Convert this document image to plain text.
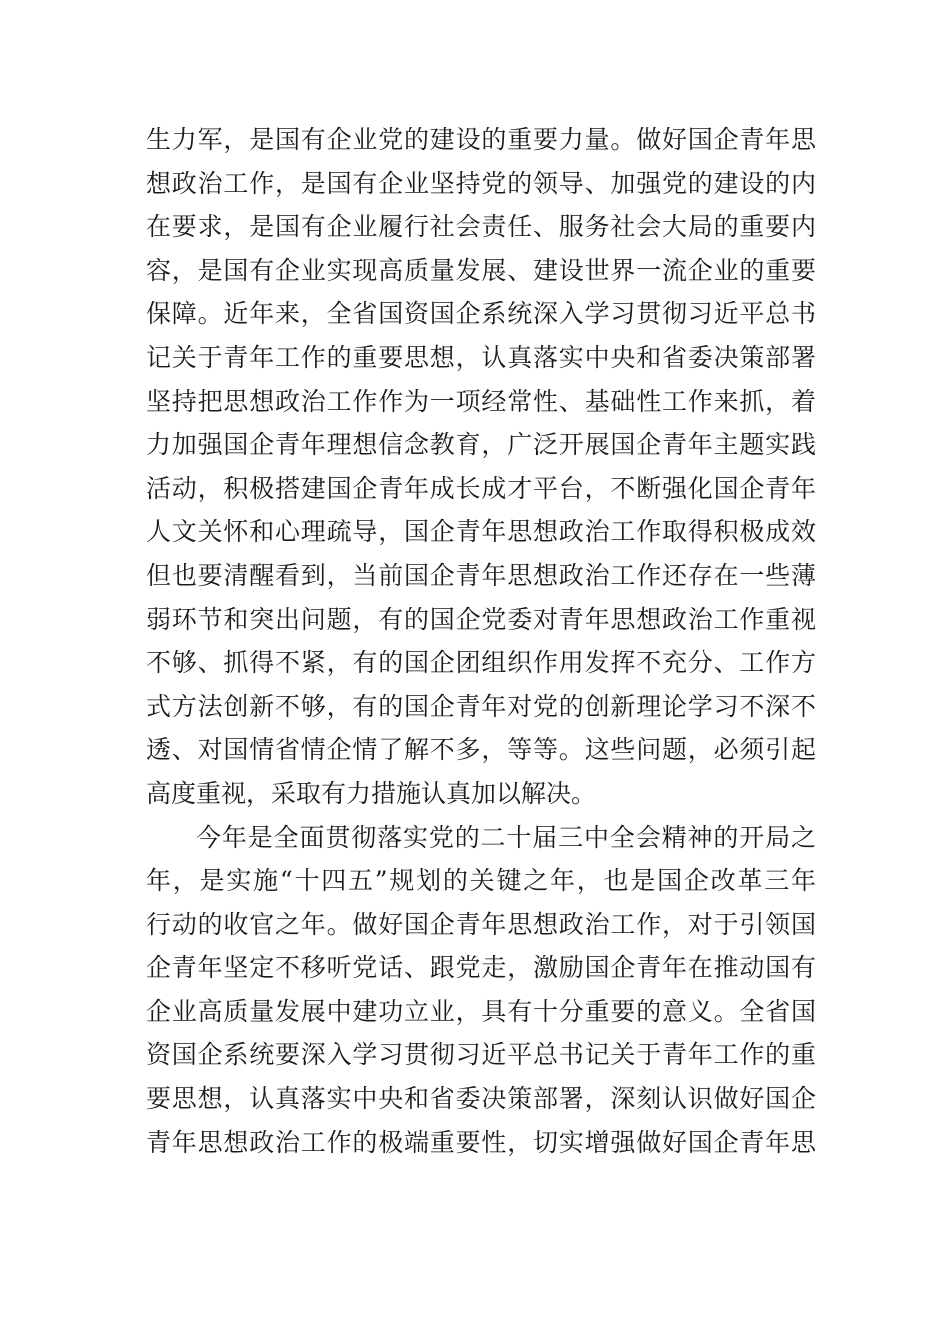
生力军，是国有企业党的建设的重要力量。做好国企青年思
想政治工作，是国有企业坚持党的领导、加强党的建设的内
在要求，是国有企业履行社会责任、服务社会大局的重要内
容，是国有企业实现高质量发展、建设世界一流企业的重要
保障。近年来，全省国资国企系统深入学习贯彻习近平总书
记关于青年工作的重要思想，认真落实中央和省委决策部署
坚持把思想政治工作作为一项经常性、基础性工作来抓，着
力加强国企青年理想信念教育，广泛开展国企青年主题实践
活动，积极搭建国企青年成长成才平台，不断强化国企青年
人文关怀和心理疏导，国企青年思想政治工作取得积极成效
但也要清醒看到，当前国企青年思想政治工作还存在一些薄
弱环节和突出问题，有的国企党委对青年思想政治工作重视
不够、抓得不紧，有的国企团组织作用发挥不充分、工作方
式方法创新不够，有的国企青年对党的创新理论学习不深不
透、对国情省情企情了解不多，等等。这些问题，必须引起
高度重视，采取有力措施认真加以解决。
今年是全面贯彻落实党的二十届三中全会精神的开局之
年，是实施“十四五”规划的关键之年，也是国企改革三年
行动的收官之年。做好国企青年思想政治工作，对于引领国
企青年坚定不移听党话、跟党走，激励国企青年在推动国有
企业高质量发展中建功立业，具有十分重要的意义。全省国
资国企系统要深入学习贯彻习近平总书记关于青年工作的重
要思想，认真落实中央和省委决策部署，深刻认识做好国企
青年思想政治工作的极端重要性，切实增强做好国企青年思
